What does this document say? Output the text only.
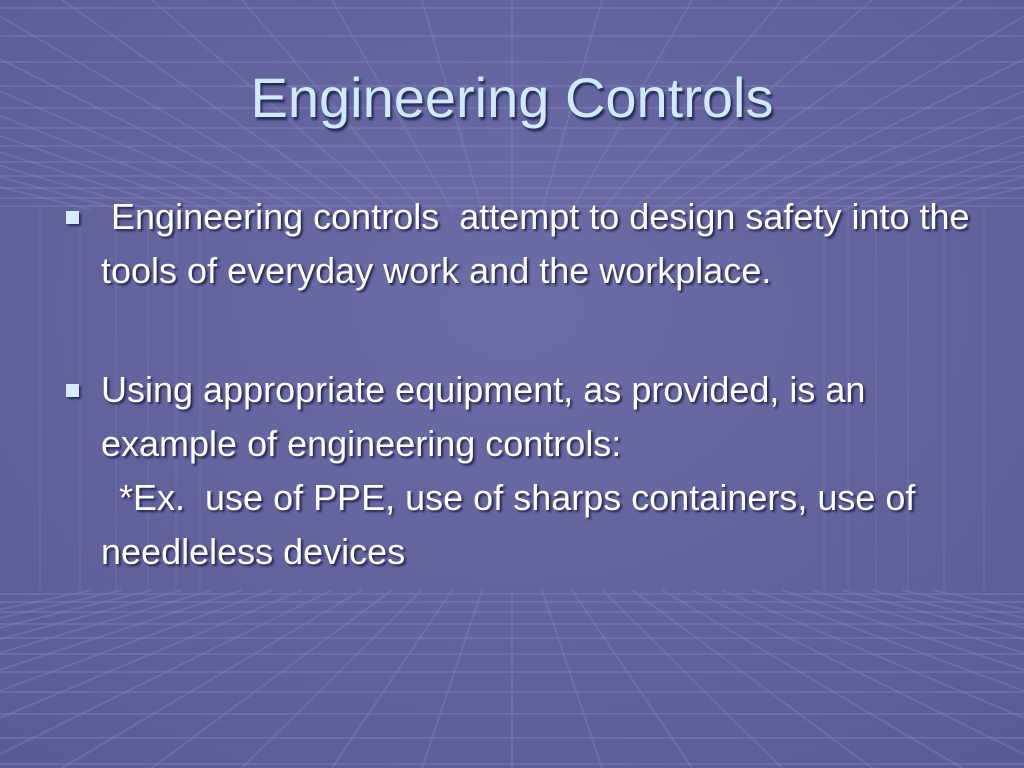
Engineering Controls
Engineering controls  attempt to design safety into the tools of everyday work and the workplace.
Using appropriate equipment, as provided, is an example of engineering controls:
*Ex.  use of PPE, use of sharps containers, use of needleless devices
